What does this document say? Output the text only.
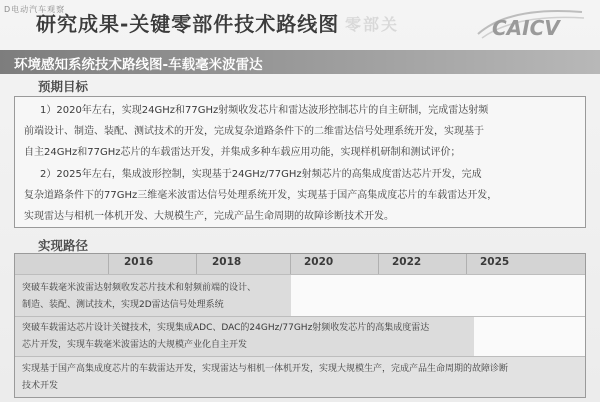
D电动汽车观察
研究成果-关键零部件技术路线图 零部关	CAICV
环境感知系统技术路线图-车载毫米波雷达
预期目标
1）2020年左右，实现24GHz和77GHz射频收发芯片和雷达波形控制芯片的自主研制，完成雷达射频
前端设计、制造、装配、测试技术的开发，完成复杂道路条件下的二维雷达信号处理系统开发，实现基于
自主24GHz和77GHz芯片的车载雷达开发，并集成多种车载应用功能，实现样机研制和测试评价；
2）2025年左右，集成波形控制，实现基于24GHz/77GHz射频芯片的高集成度雷达芯片开发，完成
复杂道路条件下的77GHz三维毫米波雷达信号处理系统开发，实现基于国产高集成度芯片的车载雷达开发，
实现雷达与相机一体机开发、大规模生产，完成产品生命周期的故障诊断技术开发。
实现路径
2016	2018	2020	2022	2025
突破车载毫米波雷达射频收发芯片技术和射频前端的设计、
制造、装配、测试技术，实现2D雷达信号处理系统
突破车载雷达芯片设计关键技术，实现集成ADC、DAC的24GHz/77GHz射频收发芯片的高集成度雷达
芯片开发，实现车载毫米波雷达的大规模产业化自主开发
实现基于国产高集成度芯片的车载雷达开发，实现雷达与相机一体机开发，实现大规模生产，完成产品生命周期的故障诊断
技术开发
